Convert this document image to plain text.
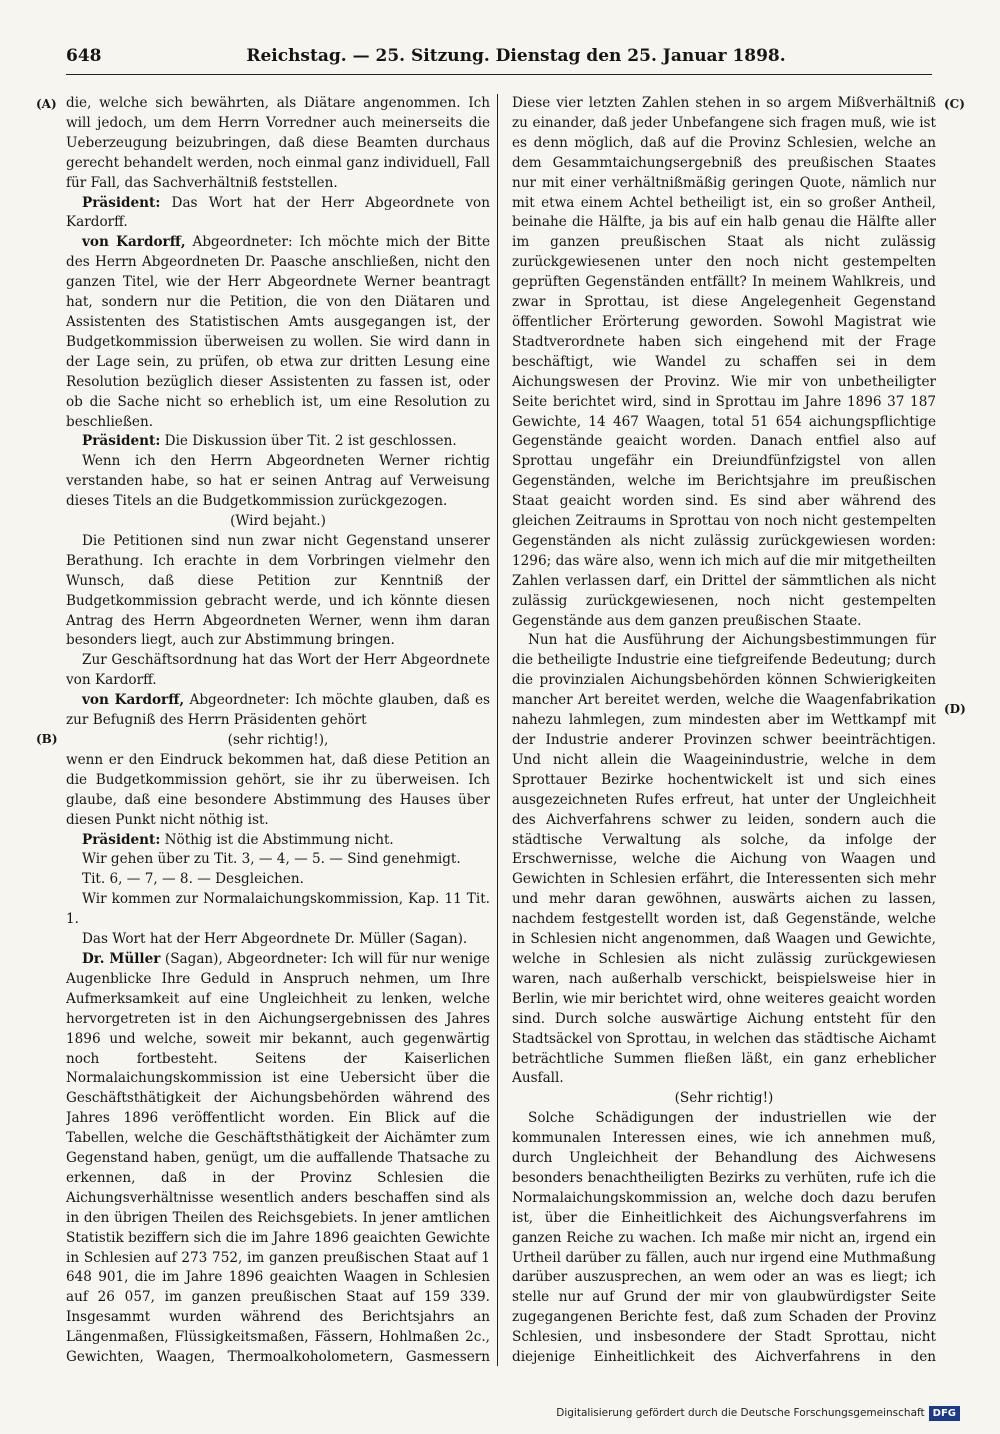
648	Reichstag. — 25. Sitzung. Dienstag den 25. Januar 1898.
(A)
(B)
(C)
(D)

die, welche sich bewährten, als Diätare angenommen. Ich will jedoch, um dem Herrn Vorredner auch meinerseits die Ueberzeugung beizubringen, daß diese Beamten durchaus gerecht behandelt werden, noch einmal ganz individuell, Fall für Fall, das Sachverhältniß feststellen.

Präsident: Das Wort hat der Herr Abgeordnete von Kardorff.

von Kardorff, Abgeordneter: Ich möchte mich der Bitte des Herrn Abgeordneten Dr. Paasche anschließen, nicht den ganzen Titel, wie der Herr Abgeordnete Werner beantragt hat, sondern nur die Petition, die von den Diätaren und Assistenten des Statistischen Amts ausgegangen ist, der Budgetkommission überweisen zu wollen. Sie wird dann in der Lage sein, zu prüfen, ob etwa zur dritten Lesung eine Resolution bezüglich dieser Assistenten zu fassen ist, oder ob die Sache nicht so erheblich ist, um eine Resolution zu beschließen.

Präsident: Die Diskussion über Tit. 2 ist geschlossen.

Wenn ich den Herrn Abgeordneten Werner richtig verstanden habe, so hat er seinen Antrag auf Verweisung dieses Titels an die Budgetkommission zurückgezogen.

(Wird bejaht.)

Die Petitionen sind nun zwar nicht Gegenstand unserer Berathung. Ich erachte in dem Vorbringen vielmehr den Wunsch, daß diese Petition zur Kenntniß der Budgetkommission gebracht werde, und ich könnte diesen Antrag des Herrn Abgeordneten Werner, wenn ihm daran besonders liegt, auch zur Abstimmung bringen.

Zur Geschäftsordnung hat das Wort der Herr Abgeordnete von Kardorff.

von Kardorff, Abgeordneter: Ich möchte glauben, daß es zur Befugniß des Herrn Präsidenten gehört

(sehr richtig!),

wenn er den Eindruck bekommen hat, daß diese Petition an die Budgetkommission gehört, sie ihr zu überweisen. Ich glaube, daß eine besondere Abstimmung des Hauses über diesen Punkt nicht nöthig ist.

Präsident: Nöthig ist die Abstimmung nicht.

Wir gehen über zu Tit. 3, — 4, — 5. — Sind genehmigt.

Tit. 6, — 7, — 8. — Desgleichen.

Wir kommen zur Normalaichungskommission, Kap. 11 Tit. 1.

Das Wort hat der Herr Abgeordnete Dr. Müller (Sagan).

Dr. Müller (Sagan), Abgeordneter: Ich will für nur wenige Augenblicke Ihre Geduld in Anspruch nehmen, um Ihre Aufmerksamkeit auf eine Ungleichheit zu lenken, welche hervorgetreten ist in den Aichungsergebnissen des Jahres 1896 und welche, soweit mir bekannt, auch gegenwärtig noch fortbesteht. Seitens der Kaiserlichen Normalaichungskommission ist eine Uebersicht über die Geschäftsthätigkeit der Aichungsbehörden während des Jahres 1896 veröffentlicht worden. Ein Blick auf die Tabellen, welche die Geschäftsthätigkeit der Aichämter zum Gegenstand haben, genügt, um die auffallende Thatsache zu erkennen, daß in der Provinz Schlesien die Aichungsverhältnisse wesentlich anders beschaffen sind als in den übrigen Theilen des Reichsgebiets. In jener amtlichen Statistik beziffern sich die im Jahre 1896 geaichten Gewichte in Schlesien auf 273 752, im ganzen preußischen Staat auf 1 648 901, die im Jahre 1896 geaichten Waagen in Schlesien auf 26 057, im ganzen preußischen Staat auf 159 339. Insgesammt wurden während des Berichtsjahrs an Längenmaßen, Flüssigkeitsmaßen, Fässern, Hohlmaßen 2c., Gewichten, Waagen, Thermoalkoholometern, Gasmessern

Diese vier letzten Zahlen stehen in so argem Mißverhältniß zu einander, daß jeder Unbefangene sich fragen muß, wie ist es denn möglich, daß auf die Provinz Schlesien, welche an dem Gesammtaichungsergebniß des preußischen Staates nur mit einer verhältnißmäßig geringen Quote, nämlich nur mit etwa einem Achtel betheiligt ist, ein so großer Antheil, beinahe die Hälfte, ja bis auf ein halb genau die Hälfte aller im ganzen preußischen Staat als nicht zulässig zurückgewiesenen unter den noch nicht gestempelten geprüften Gegenständen entfällt? In meinem Wahlkreis, und zwar in Sprottau, ist diese Angelegenheit Gegenstand öffentlicher Erörterung geworden. Sowohl Magistrat wie Stadtverordnete haben sich eingehend mit der Frage beschäftigt, wie Wandel zu schaffen sei in dem Aichungswesen der Provinz. Wie mir von unbetheiligter Seite berichtet wird, sind in Sprottau im Jahre 1896 37 187 Gewichte, 14 467 Waagen, total 51 654 aichungspflichtige Gegenstände geaicht worden. Danach entfiel also auf Sprottau ungefähr ein Dreiundfünfzigstel von allen Gegenständen, welche im Berichtsjahre im preußischen Staat geaicht worden sind. Es sind aber während des gleichen Zeitraums in Sprottau von noch nicht gestempelten Gegenständen als nicht zulässig zurückgewiesen worden: 1296; das wäre also, wenn ich mich auf die mir mitgetheilten Zahlen verlassen darf, ein Drittel der sämmtlichen als nicht zulässig zurückgewiesenen, noch nicht gestempelten Gegenstände aus dem ganzen preußischen Staate.

Nun hat die Ausführung der Aichungsbestimmungen für die betheiligte Industrie eine tiefgreifende Bedeutung; durch die provinzialen Aichungsbehörden können Schwierigkeiten mancher Art bereitet werden, welche die Waagenfabrikation nahezu lahmlegen, zum mindesten aber im Wettkampf mit der Industrie anderer Provinzen schwer beeinträchtigen. Und nicht allein die Waageinindustrie, welche in dem Sprottauer Bezirke hochentwickelt ist und sich eines ausgezeichneten Rufes erfreut, hat unter der Ungleichheit des Aichverfahrens schwer zu leiden, sondern auch die städtische Verwaltung als solche, da infolge der Erschwernisse, welche die Aichung von Waagen und Gewichten in Schlesien erfährt, die Interessenten sich mehr und mehr daran gewöhnen, auswärts aichen zu lassen, nachdem festgestellt worden ist, daß Gegenstände, welche in Schlesien nicht angenommen, daß Waagen und Gewichte, welche in Schlesien als nicht zulässig zurückgewiesen waren, nach außerhalb verschickt, beispielsweise hier in Berlin, wie mir berichtet wird, ohne weiteres geaicht worden sind. Durch solche auswärtige Aichung entsteht für den Stadtsäckel von Sprottau, in welchen das städtische Aichamt beträchtliche Summen fließen läßt, ein ganz erheblicher Ausfall.

(Sehr richtig!)

Solche Schädigungen der industriellen wie der kommunalen Interessen eines, wie ich annehmen muß, durch Ungleichheit der Behandlung des Aichwesens besonders benachtheiligten Bezirks zu verhüten, rufe ich die Normalaichungskommission an, welche doch dazu berufen ist, über die Einheitlichkeit des Aichungsverfahrens im ganzen Reiche zu wachen. Ich maße mir nicht an, irgend ein Urtheil darüber zu fällen, auch nur irgend eine Muthmaßung darüber auszusprechen, an wem oder an was es liegt; ich stelle nur auf Grund der mir von glaubwürdigster Seite zugegangenen Berichte fest, daß zum Schaden der Provinz Schlesien, und insbesondere der Stadt Sprottau, nicht diejenige Einheitlichkeit des Aichverfahrens in den

Digitalisierung gefördert durch die Deutsche Forschungsgemeinschaft DFG
